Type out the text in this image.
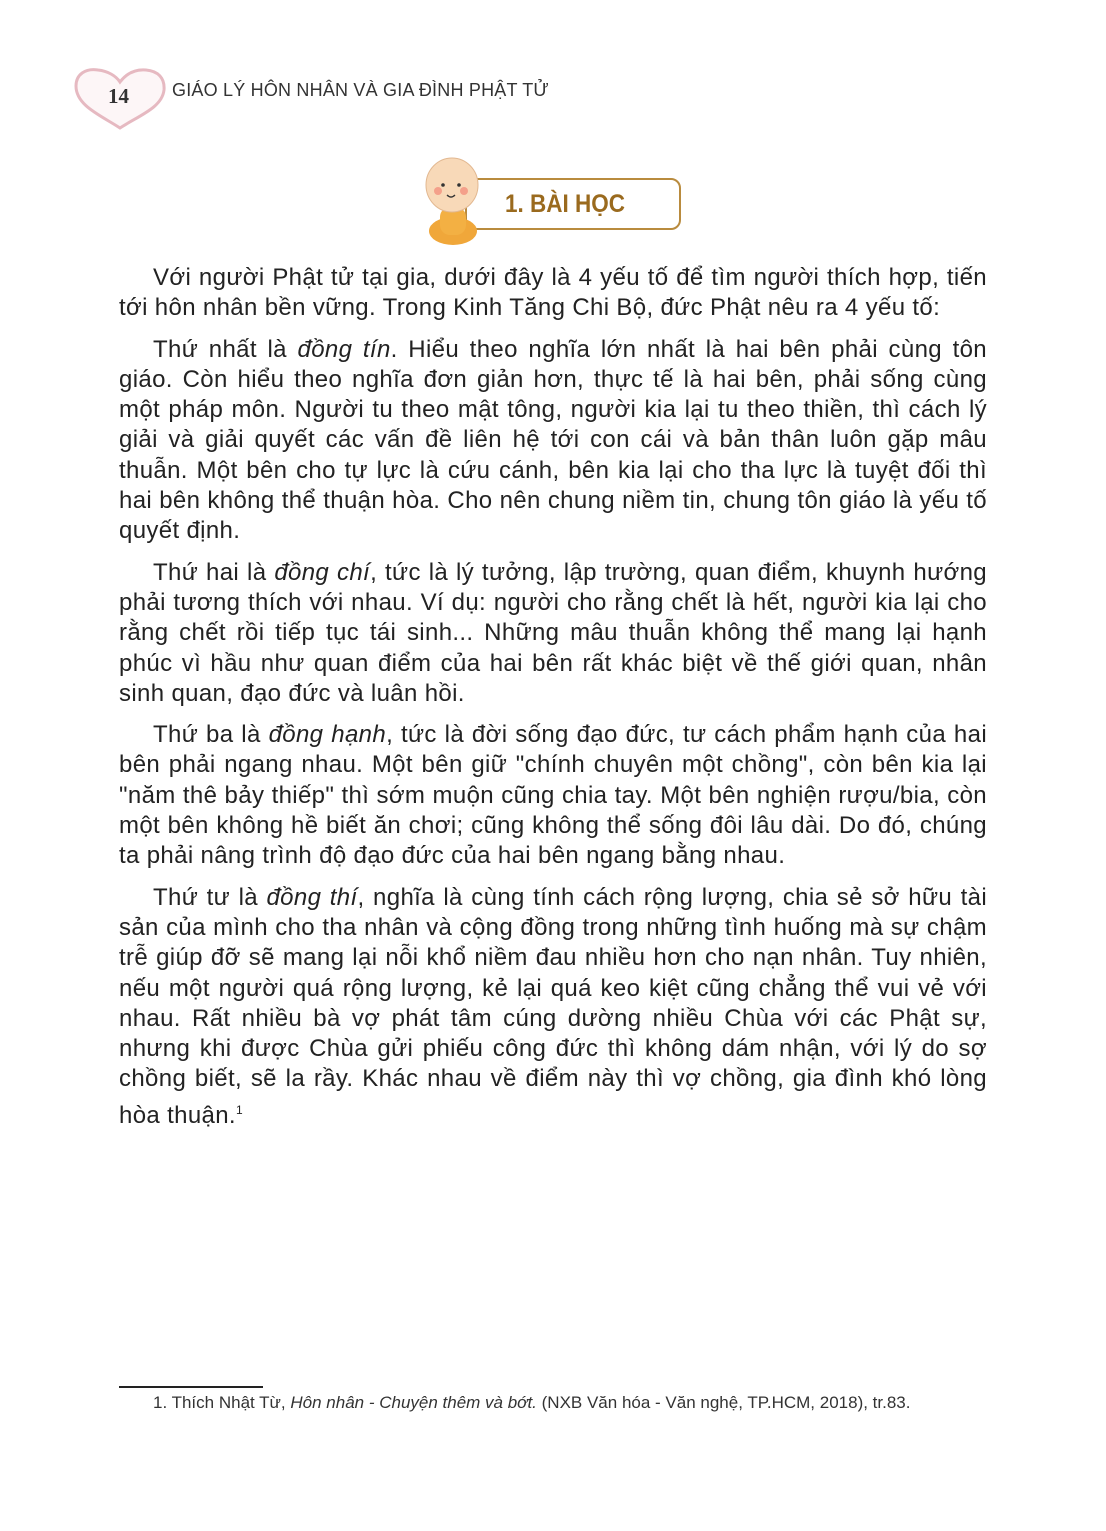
14 GIÁO LÝ HÔN NHÂN VÀ GIA ĐÌNH PHẬT TỬ
1. BÀI HỌC

Với người Phật tử tại gia, dưới đây là 4 yếu tố để tìm người thích hợp, tiến tới hôn nhân bền vững. Trong Kinh Tăng Chi Bộ, đức Phật nêu ra 4 yếu tố:

Thứ nhất là đồng tín. Hiểu theo nghĩa lớn nhất là hai bên phải cùng tôn giáo. Còn hiểu theo nghĩa đơn giản hơn, thực tế là hai bên, phải sống cùng một pháp môn. Người tu theo mật tông, người kia lại tu theo thiền, thì cách lý giải và giải quyết các vấn đề liên hệ tới con cái và bản thân luôn gặp mâu thuẫn. Một bên cho tự lực là cứu cánh, bên kia lại cho tha lực là tuyệt đối thì hai bên không thể thuận hòa. Cho nên chung niềm tin, chung tôn giáo là yếu tố quyết định.

Thứ hai là đồng chí, tức là lý tưởng, lập trường, quan điểm, khuynh hướng phải tương thích với nhau. Ví dụ: người cho rằng chết là hết, người kia lại cho rằng chết rồi tiếp tục tái sinh... Những mâu thuẫn không thể mang lại hạnh phúc vì hầu như quan điểm của hai bên rất khác biệt về thế giới quan, nhân sinh quan, đạo đức và luân hồi.

Thứ ba là đồng hạnh, tức là đời sống đạo đức, tư cách phẩm hạnh của hai bên phải ngang nhau. Một bên giữ "chính chuyên một chồng", còn bên kia lại "năm thê bảy thiếp" thì sớm muộn cũng chia tay. Một bên nghiện rượu/bia, còn một bên không hề biết ăn chơi; cũng không thể sống đôi lâu dài. Do đó, chúng ta phải nâng trình độ đạo đức của hai bên ngang bằng nhau.

Thứ tư là đồng thí, nghĩa là cùng tính cách rộng lượng, chia sẻ sở hữu tài sản của mình cho tha nhân và cộng đồng trong những tình huống mà sự chậm trễ giúp đỡ sẽ mang lại nỗi khổ niềm đau nhiều hơn cho nạn nhân. Tuy nhiên, nếu một người quá rộng lượng, kẻ lại quá keo kiệt cũng chẳng thể vui vẻ với nhau. Rất nhiều bà vợ phát tâm cúng dường nhiều Chùa với các Phật sự, nhưng khi được Chùa gửi phiếu công đức thì không dám nhận, với lý do sợ chồng biết, sẽ la rầy. Khác nhau về điểm này thì vợ chồng, gia đình khó lòng hòa thuận.$^1$

1. Thích Nhật Từ, Hôn nhân - Chuyện thêm và bớt. (NXB Văn hóa - Văn nghệ, TP.HCM, 2018), tr.83.
